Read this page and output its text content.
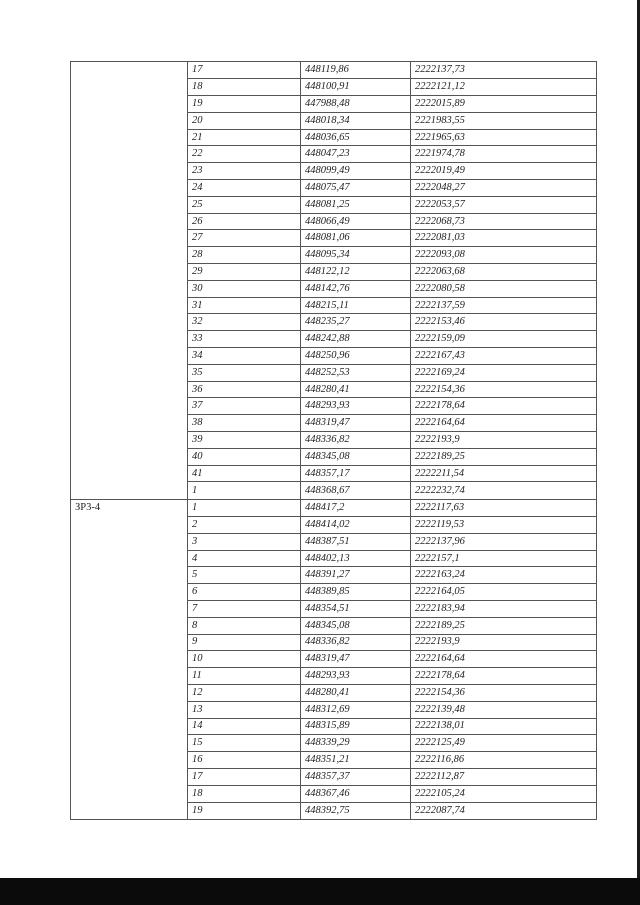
	17	448119,86	2222137,73
	18	448100,91	2222121,12
	19	447988,48	2222015,89
	20	448018,34	2221983,55
	21	448036,65	2221965,63
	22	448047,23	2221974,78
	23	448099,49	2222019,49
	24	448075,47	2222048,27
	25	448081,25	2222053,57
	26	448066,49	2222068,73
	27	448081,06	2222081,03
	28	448095,34	2222093,08
	29	448122,12	2222063,68
	30	448142,76	2222080,58
	31	448215,11	2222137,59
	32	448235,27	2222153,46
	33	448242,88	2222159,09
	34	448250,96	2222167,43
	35	448252,53	2222169,24
	36	448280,41	2222154,36
	37	448293,93	2222178,64
	38	448319,47	2222164,64
	39	448336,82	2222193,9
	40	448345,08	2222189,25
	41	448357,17	2222211,54
	1	448368,67	2222232,74
ЗР3-4	1	448417,2	2222117,63
	2	448414,02	2222119,53
	3	448387,51	2222137,96
	4	448402,13	2222157,1
	5	448391,27	2222163,24
	6	448389,85	2222164,05
	7	448354,51	2222183,94
	8	448345,08	2222189,25
	9	448336,82	2222193,9
	10	448319,47	2222164,64
	11	448293,93	2222178,64
	12	448280,41	2222154,36
	13	448312,69	2222139,48
	14	448315,89	2222138,01
	15	448339,29	2222125,49
	16	448351,21	2222116,86
	17	448357,37	2222112,87
	18	448367,46	2222105,24
	19	448392,75	2222087,74
